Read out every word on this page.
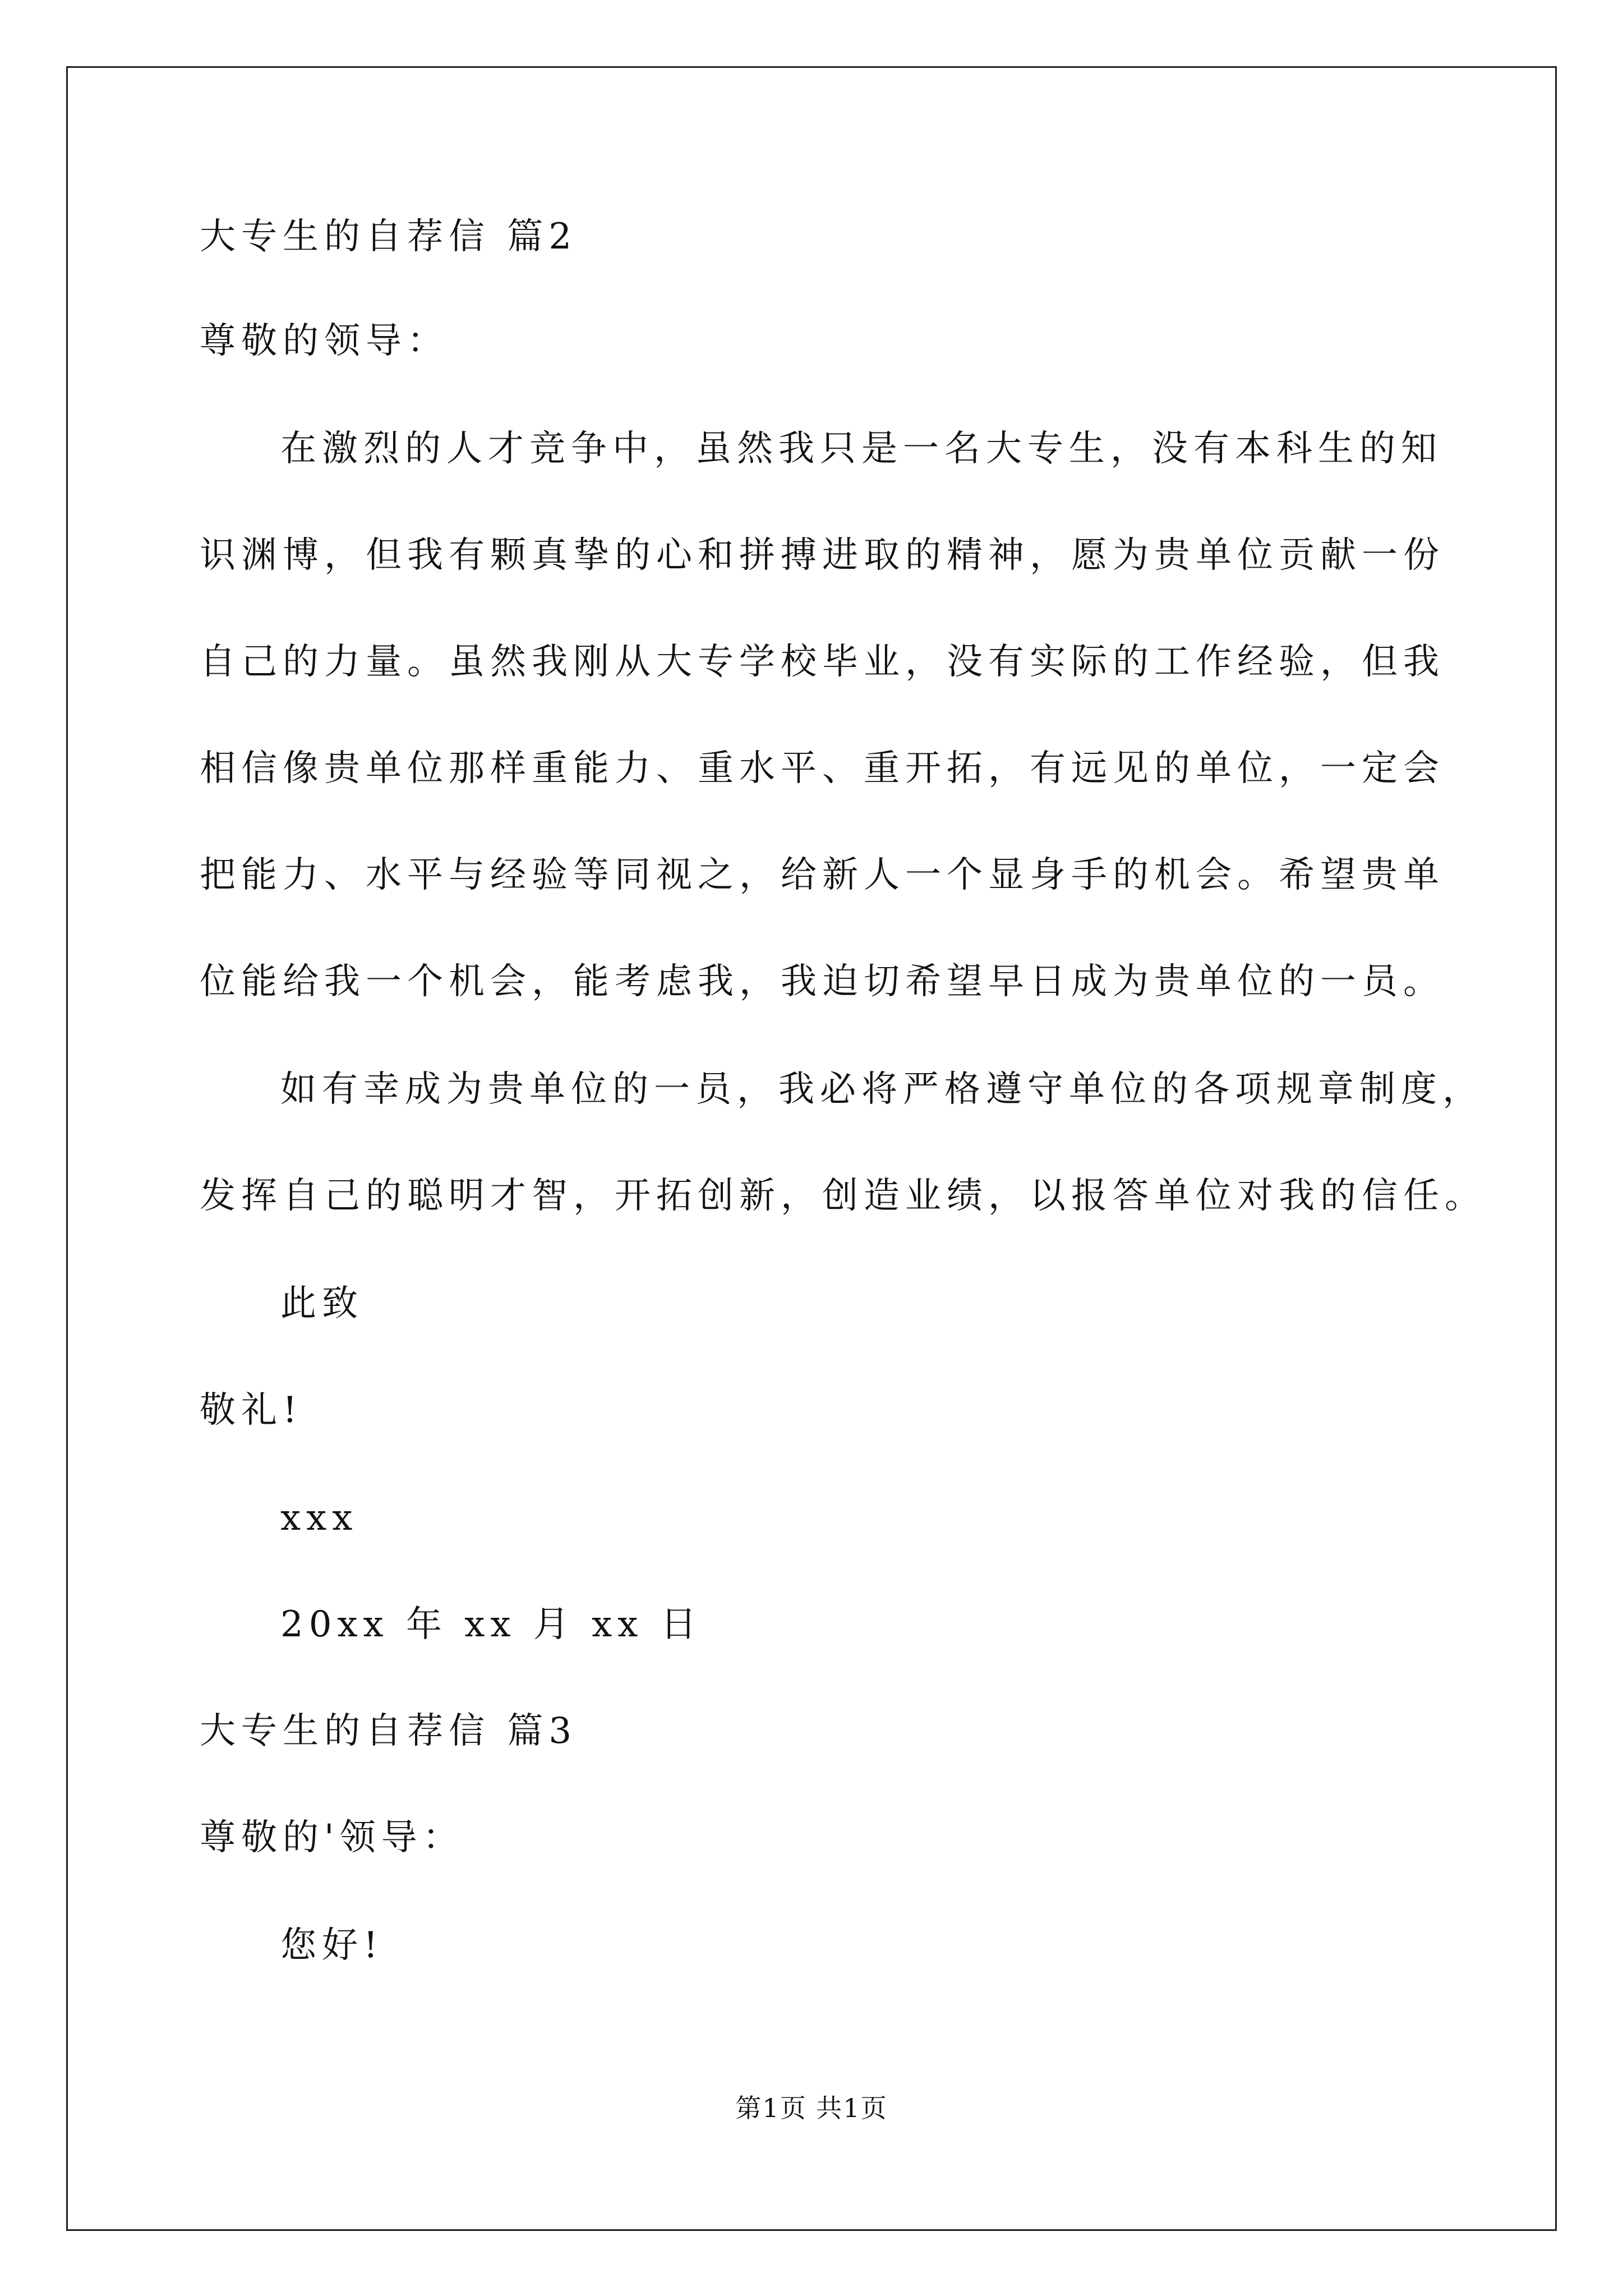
大专生的自荐信 篇2
尊敬的领导：
在激烈的人才竞争中，虽然我只是一名大专生，没有本科生的知
识渊博，但我有颗真挚的心和拼搏进取的精神，愿为贵单位贡献一份
自己的力量。虽然我刚从大专学校毕业，没有实际的工作经验，但我
相信像贵单位那样重能力、重水平、重开拓，有远见的单位，一定会
把能力、水平与经验等同视之，给新人一个显身手的机会。希望贵单
位能给我一个机会，能考虑我，我迫切希望早日成为贵单位的一员。
如有幸成为贵单位的一员，我必将严格遵守单位的各项规章制度，
发挥自己的聪明才智，开拓创新，创造业绩，以报答单位对我的信任。
此致
敬礼!
xxx
20xx 年 xx 月 xx 日
大专生的自荐信 篇3
尊敬的'领导：
您好!
第1页 共1页
